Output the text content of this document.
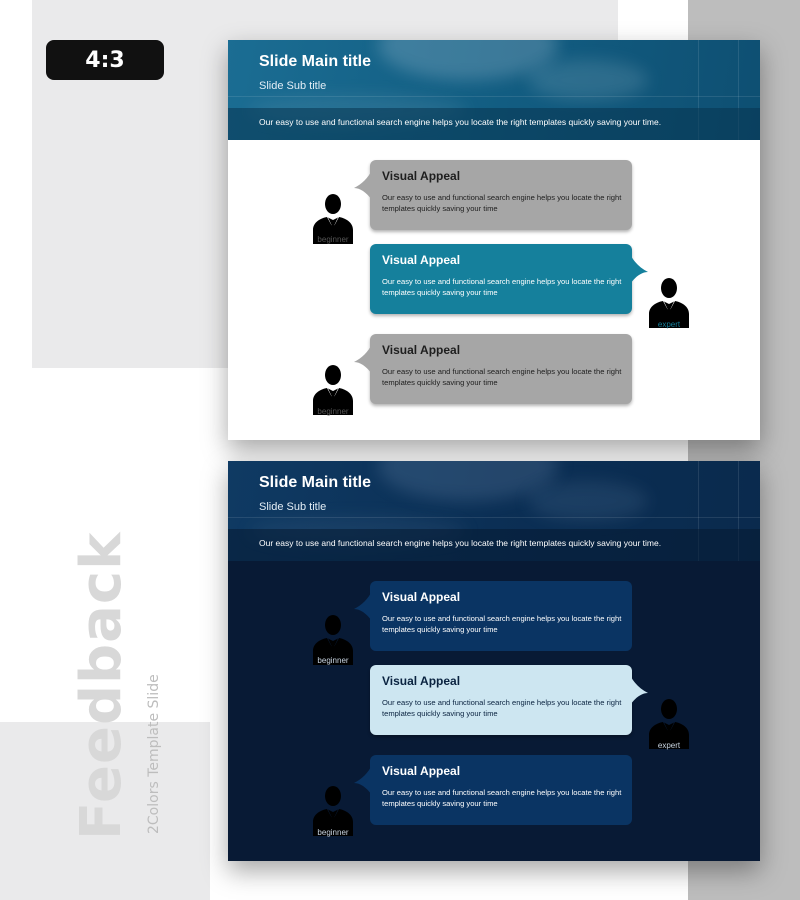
4:3
Feedback 2Colors Template Slide
Slide Main title
Slide Sub title
Our easy to use and functional search engine helps you locate the right templates quickly saving your time.
Visual Appeal
Our easy to use and functional search engine helps you locate the right templates quickly saving your time
beginner
Visual Appeal
Our easy to use and functional search engine helps you locate the right templates quickly saving your time
expert
Visual Appeal
Our easy to use and functional search engine helps you locate the right templates quickly saving your time
beginner
Slide Main title
Slide Sub title
Our easy to use and functional search engine helps you locate the right templates quickly saving your time.
Visual Appeal
Our easy to use and functional search engine helps you locate the right templates quickly saving your time
beginner
Visual Appeal
Our easy to use and functional search engine helps you locate the right templates quickly saving your time
expert
Visual Appeal
Our easy to use and functional search engine helps you locate the right templates quickly saving your time
beginner
